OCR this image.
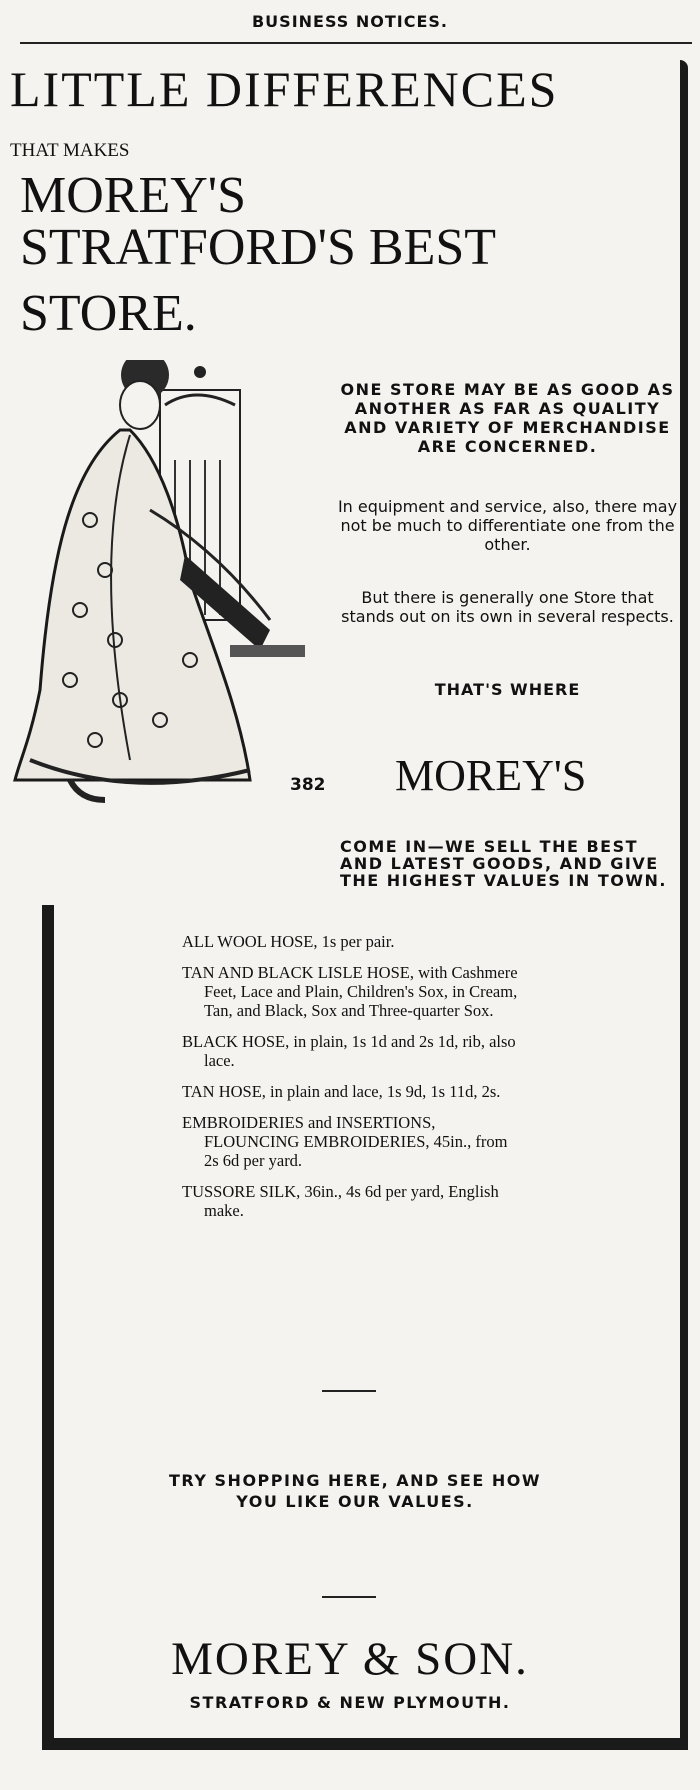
BUSINESS NOTICES.
LITTLE DIFFERENCES
THAT MAKES
MOREY'S
STRATFORD'S BEST
STORE.
382
ONE STORE MAY BE AS GOOD AS ANOTHER AS FAR AS QUALITY AND VARIETY OF MERCHANDISE ARE CONCERNED.
In equipment and service, also, there may not be much to differentiate one from the other.
But there is generally one Store that stands out on its own in several respects.
THAT'S WHERE
MOREY'S
COME IN—WE SELL THE BEST AND LATEST GOODS, AND GIVE THE HIGHEST VALUES IN TOWN.
ALL WOOL HOSE, 1s per pair.
TAN AND BLACK LISLE HOSE, with Cashmere Feet, Lace and Plain, Children's Sox, in Cream, Tan, and Black, Sox and Three-quarter Sox.
BLACK HOSE, in plain, 1s 1d and 2s 1d, rib, also lace.
TAN HOSE, in plain and lace, 1s 9d, 1s 11d, 2s.
EMBROIDERIES and INSERTIONS, FLOUNCING EMBROIDERIES, 45in., from 2s 6d per yard.
TUSSORE SILK, 36in., 4s 6d per yard, English make.
TRY SHOPPING HERE, AND SEE HOW YOU LIKE OUR VALUES.
MOREY & SON.
STRATFORD & NEW PLYMOUTH.
